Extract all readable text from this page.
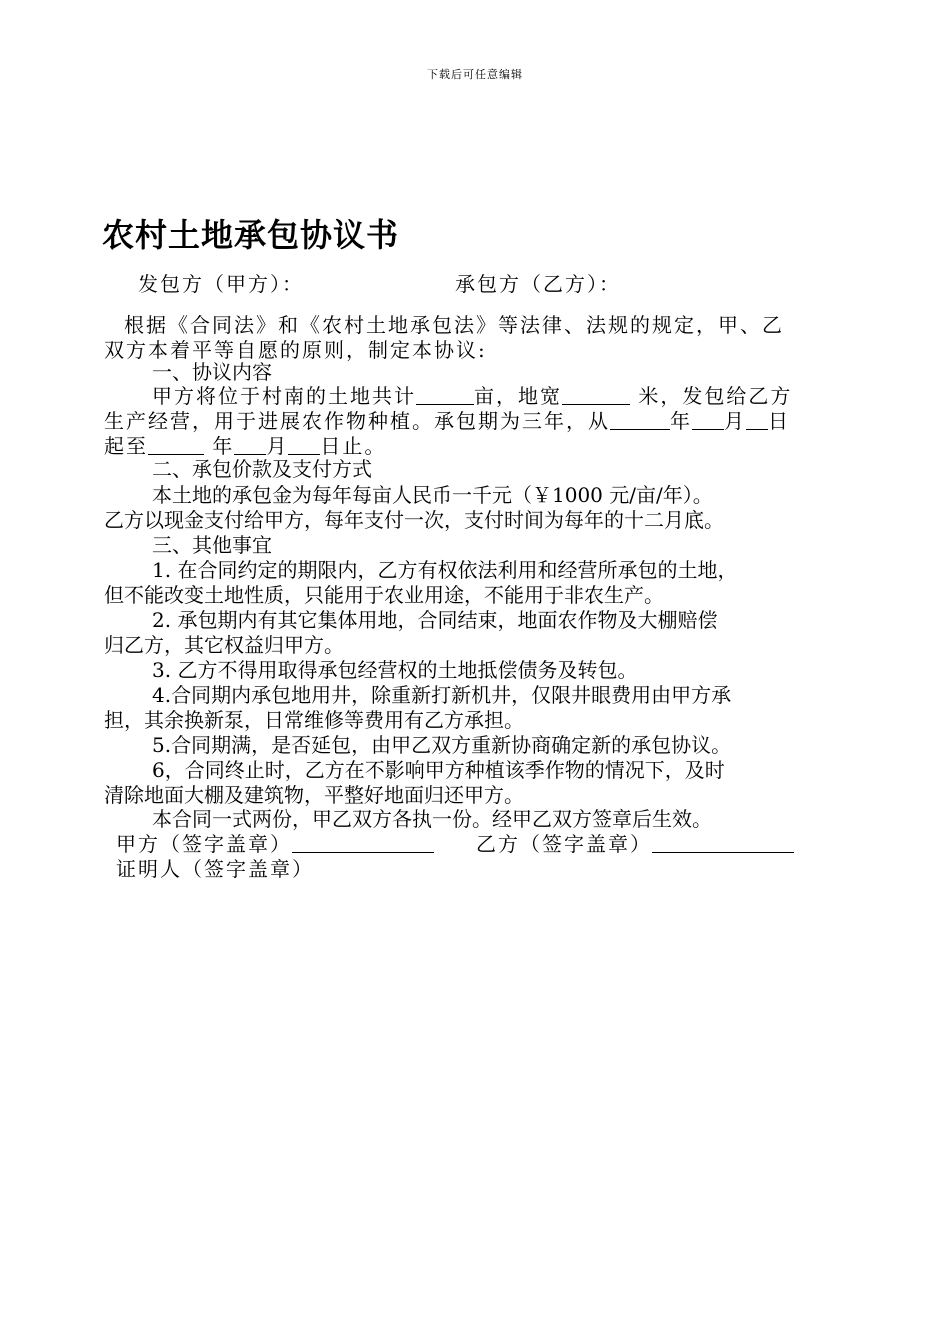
下载后可任意编辑
农村土地承包协议书
发包方（甲方）：	承包方（乙方）：
根据《合同法》和《农村土地承包法》等法律、法规的规定，甲、乙
双方本着平等自愿的原则，制定本协议:
一、协议内容
甲方将位于村南的土地共计	亩，地宽	米，发包给乙方
生产经营，用于进展农作物种植。承包期为三年，从	年 月 日
起至	年 月 日止。
二、承包价款及支付方式
本土地的承包金为每年每亩人民币一千元（￥1000 元/亩/年）。
乙方以现金支付给甲方，每年支付一次，支付时间为每年的十二月底。
三、其他事宜
1. 在合同约定的期限内，乙方有权依法利用和经营所承包的土地，
但不能改变土地性质，只能用于农业用途，不能用于非农生产。
2. 承包期内有其它集体用地，合同结束，地面农作物及大棚赔偿
归乙方，其它权益归甲方。
3. 乙方不得用取得承包经营权的土地抵偿债务及转包。
4.合同期内承包地用井，除重新打新机井，仅限井眼费用由甲方承
担，其余换新泵，日常维修等费用有乙方承担。
5.合同期满，是否延包，由甲乙双方重新协商确定新的承包协议。
6，合同终止时，乙方在不影响甲方种植该季作物的情况下，及时
清除地面大棚及建筑物，平整好地面归还甲方。
本合同一式两份，甲乙双方各执一份。经甲乙双方签章后生效。
甲方（签字盖章）	乙方（签字盖章）
证明人（签字盖章）
